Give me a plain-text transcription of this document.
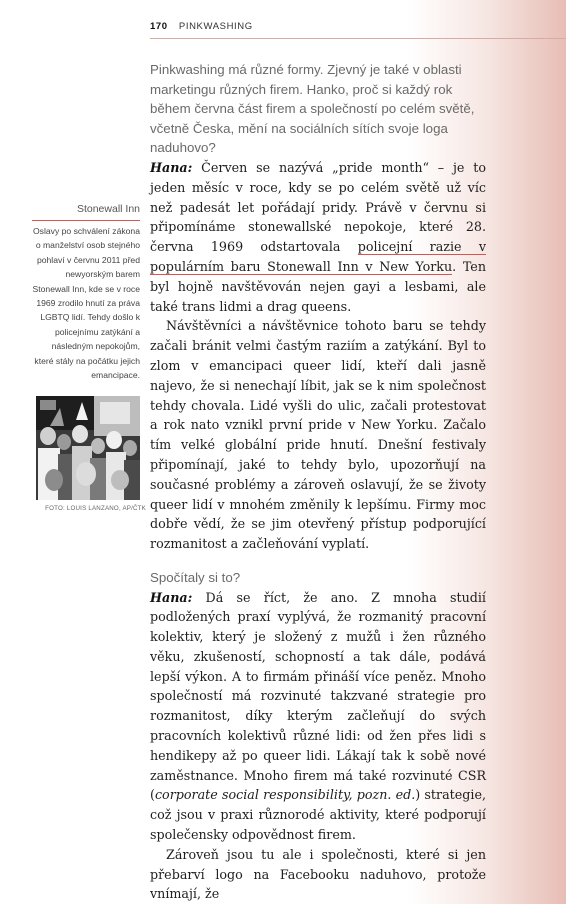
170 PINKWASHING
Stonewall Inn
Oslavy po schválení zákona o manželství osob stejného pohlaví v červnu 2011 před newyorským barem Stonewall Inn, kde se v roce 1969 zrodilo hnutí za práva LGBTQ lidí. Tehdy došlo k policejnímu zatýkání a následným nepokojům, které stály na počátku jejich emancipace.
FOTO: LOUIS LANZANO, AP/ČTK

Pinkwashing má různé formy. Zjevný je také v oblasti marketingu různých firem. Hanko, proč si každý rok během června část firem a společností po celém světě, včetně Česka, mění na sociálních sítích svoje loga naduhovo?

Hana: Červen se nazývá „pride month“ – je to jeden měsíc v roce, kdy se po celém světě už víc než padesát let pořádají pridy. Právě v červnu si připomínáme stonewallské nepokoje, které 28. června 1969 odstartovala policejní razie v populárním baru Stonewall Inn v New Yorku. Ten byl hojně navštěvován nejen gayi a lesbami, ale také trans lidmi a drag queens.

Návštěvníci a návštěvnice tohoto baru se tehdy začali bránit velmi častým raziím a zatýkání. Byl to zlom v emancipaci queer lidí, kteří dali jasně najevo, že si nenechají líbit, jak se k nim společnost tehdy chovala. Lidé vyšli do ulic, začali protestovat a rok nato vznikl první pride v New Yorku. Začalo tím velké globální pride hnutí. Dnešní festivaly připomínají, jaké to tehdy bylo, upozorňují na současné problémy a zároveň oslavují, že se životy queer lidí v mnohém změnily k lepšímu. Firmy moc dobře vědí, že se jim otevřený přístup podporující rozmanitost a začleňování vyplatí.

Spočítaly si to?

Hana: Dá se říct, že ano. Z mnoha studií podložených praxí vyplývá, že rozmanitý pracovní kolektiv, který je složený z mužů i žen různého věku, zkušeností, schopností a tak dále, podává lepší výkon. A to firmám přináší více peněz. Mnoho společností má rozvinuté takzvané strategie pro rozmanitost, díky kterým začleňují do svých pracovních kolektivů různé lidi: od žen přes lidi s hendikepy až po queer lidi. Lákají tak k sobě nové zaměstnance. Mnoho firem má také rozvinuté CSR (corporate social responsibility, pozn. ed.) strategie, což jsou v praxi různorodé aktivity, které podporují společensky odpovědnost firem.

Zároveň jsou tu ale i společnosti, které si jen přebarví logo na Facebooku naduhovo, protože vnímají, že
